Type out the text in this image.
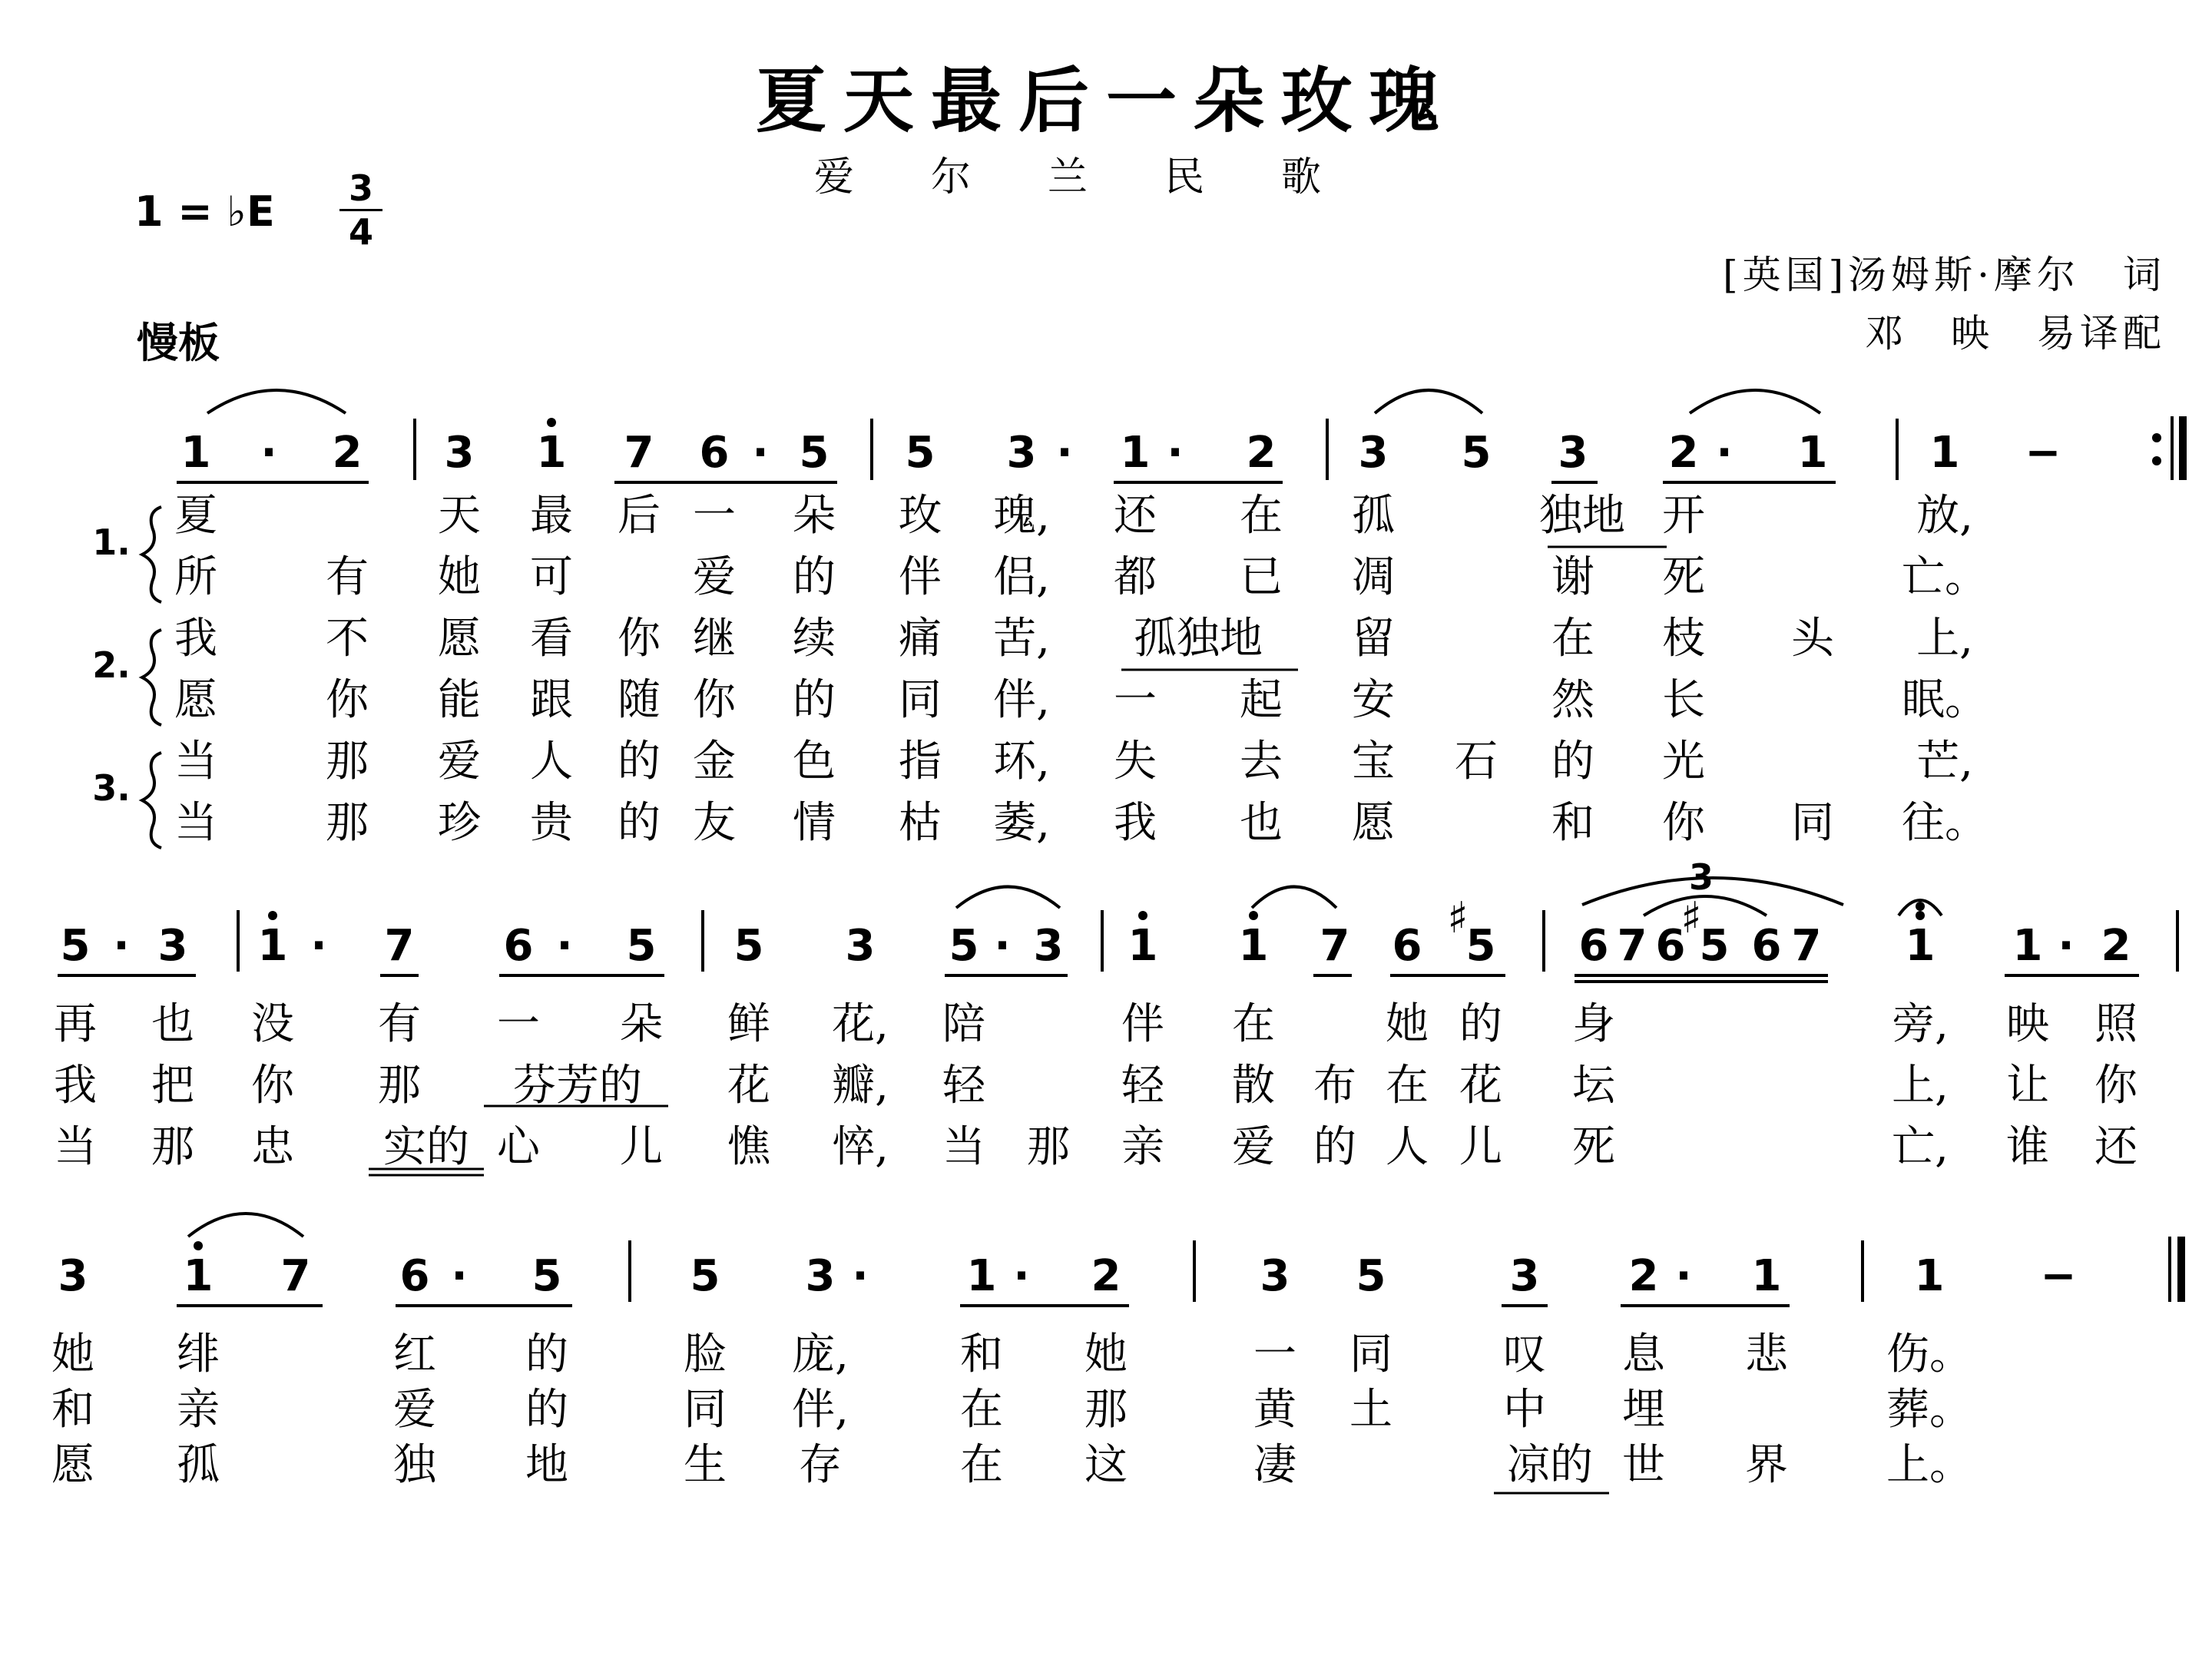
夏天最后一朵玫瑰
爱尔兰民歌
1 = ♭E	3
4
慢板
[英国]汤姆斯·摩尔　词
邓　映　易译配
1 · 2 3 1 7 6 · 5 5 3 · 1 · 2 3 5 3 2 · 1 1 −
1.
2.
3.
夏	天 最 后 一 朵 玫 瑰, 还 在 孤	独地 开	放,
所	有 她 可	爱 的 伴 侣, 都 已 凋	谢 死	亡。
我	不 愿 看 你 继 续 痛 苦, 孤独地 留	在 枝 头 上,
愿	你 能 跟 随 你 的 同 伴, 一 起 安	然 长	眠。
当	那 爱 人 的 金 色 指 环, 失 去 宝 石 的 光	芒,
当	那 珍 贵 的 友 情 枯 萎, 我 也 愿	和 你 同 往。
5 · 3 1 · 7 6 · 5 5 3 5 · 3 1 1 7 6 5
♯
6 7 6 5
♯
6 7 1 1 · 2
3
再 也 没 有 一 朵 鲜 花, 陪	伴 在	她 的 身	旁, 映 照
我 把 你 那 芬芳的 花 瓣, 轻	轻 散 布 在 花 坛	上, 让 你
当 那 忠 实的 心 儿 憔 悴, 当 那 亲 爱 的 人 儿 死	亡, 谁 还
3 1 7 6 · 5	5 3 · 1 · 2	3 5	3 2 · 1	1 −
她 绯	红 的	脸 庞,	和 她	一 同	叹 息 悲 伤。
和 亲	爱 的	同 伴,	在 那	黄 土	中 埋	葬。
愿 孤	独 地	生 存	在 这	凄	凉的 世 界 上。
